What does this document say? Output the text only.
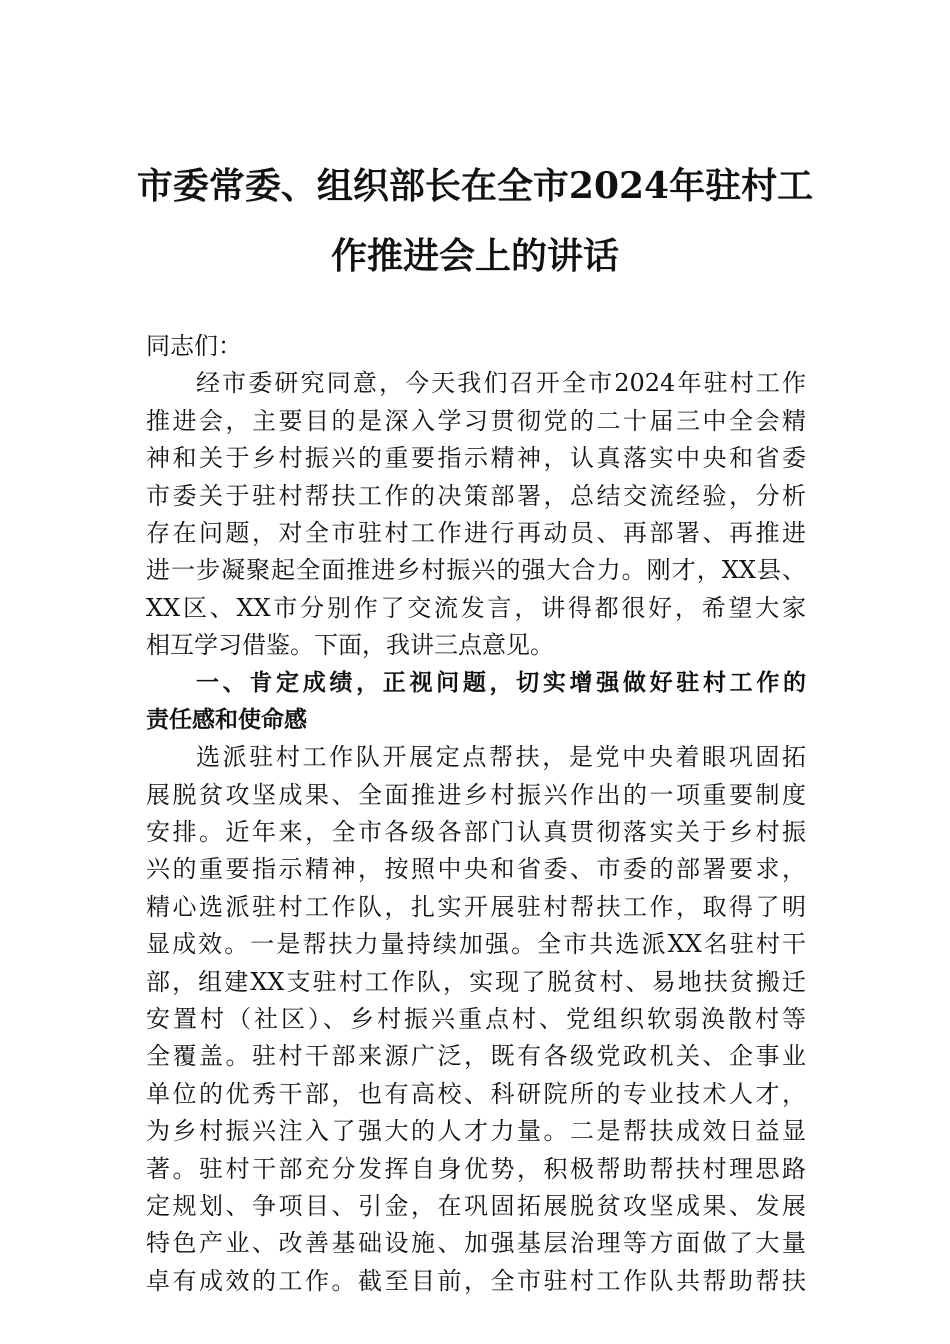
市委常委、组织部长在全市2024年驻村工
作推进会上的讲话
同志们：
经市委研究同意，今天我们召开全市2024年驻村工作
推进会，主要目的是深入学习贯彻党的二十届三中全会精
神和关于乡村振兴的重要指示精神，认真落实中央和省委
市委关于驻村帮扶工作的决策部署，总结交流经验，分析
存在问题，对全市驻村工作进行再动员、再部署、再推进
进一步凝聚起全面推进乡村振兴的强大合力。刚才，XX县、
XX区、XX市分别作了交流发言，讲得都很好，希望大家
相互学习借鉴。下面，我讲三点意见。
一、肯定成绩，正视问题，切实增强做好驻村工作的
责任感和使命感
选派驻村工作队开展定点帮扶，是党中央着眼巩固拓
展脱贫攻坚成果、全面推进乡村振兴作出的一项重要制度
安排。近年来，全市各级各部门认真贯彻落实关于乡村振
兴的重要指示精神，按照中央和省委、市委的部署要求，
精心选派驻村工作队，扎实开展驻村帮扶工作，取得了明
显成效。一是帮扶力量持续加强。全市共选派XX名驻村干
部，组建XX支驻村工作队，实现了脱贫村、易地扶贫搬迁
安置村（社区）、乡村振兴重点村、党组织软弱涣散村等
全覆盖。驻村干部来源广泛，既有各级党政机关、企事业
单位的优秀干部，也有高校、科研院所的专业技术人才，
为乡村振兴注入了强大的人才力量。二是帮扶成效日益显
著。驻村干部充分发挥自身优势，积极帮助帮扶村理思路
定规划、争项目、引金，在巩固拓展脱贫攻坚成果、发展
特色产业、改善基础设施、加强基层治理等方面做了大量
卓有成效的工作。截至目前，全市驻村工作队共帮助帮扶
